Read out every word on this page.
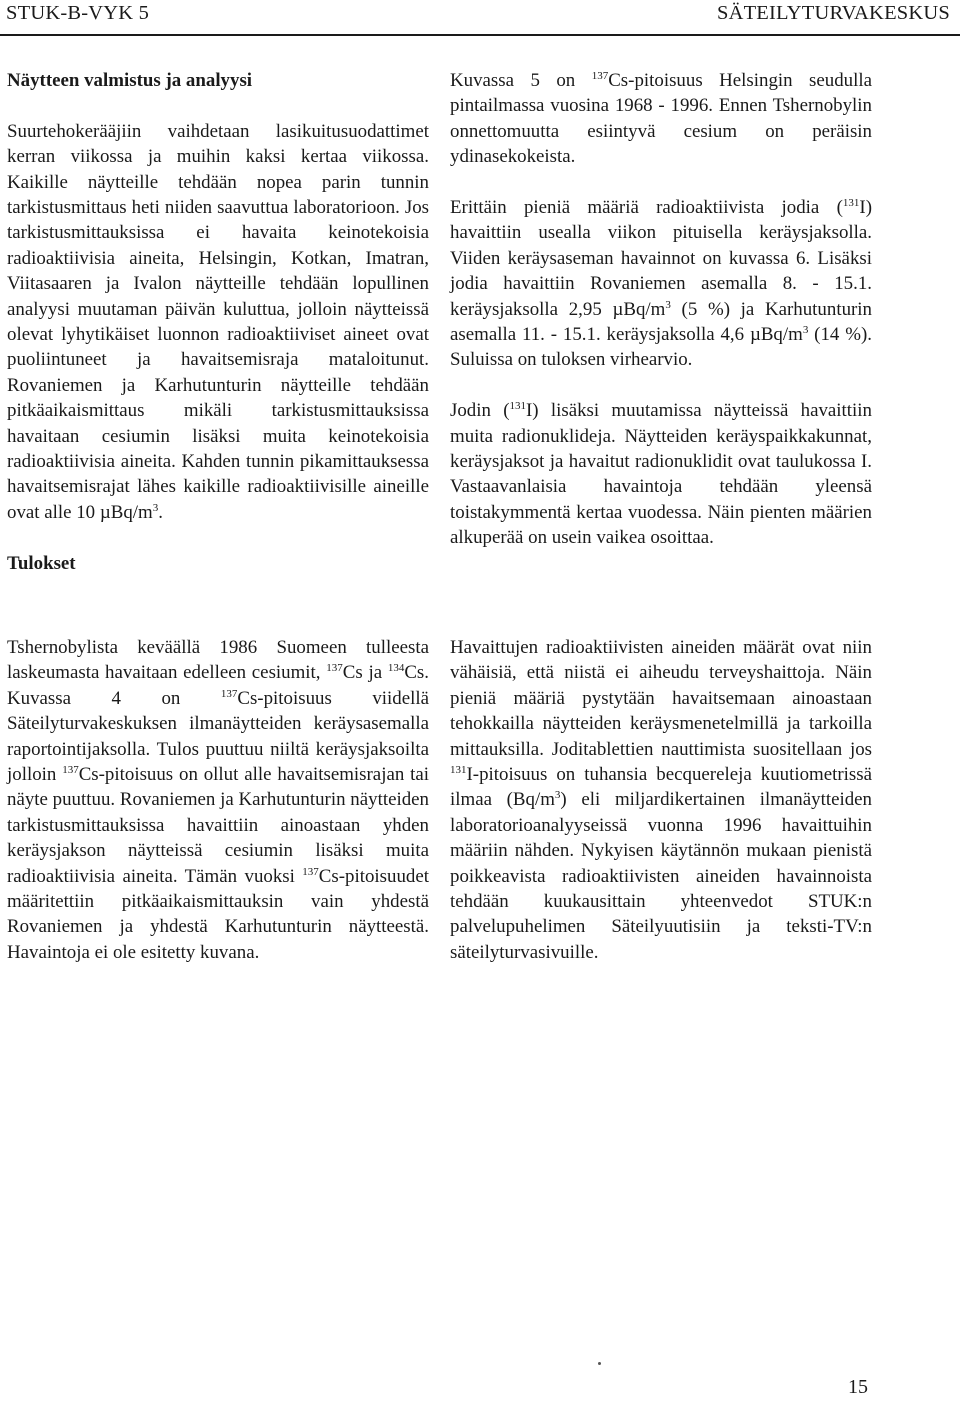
STUK-B-VYK 5	SÄTEILYTURVAKESKUS
Näytteen valmistus ja analyysi

Suurtehokerääjiin vaihdetaan lasikuitusuodattimet kerran viikossa ja muihin kaksi kertaa viikossa. Kaikille näytteille tehdään nopea parin tunnin tarkistusmittaus heti niiden saavuttua laboratorioon. Jos tarkistusmittauksissa ei havaita keinotekoisia radioaktiivisia aineita, Helsingin, Kotkan, Imatran, Viitasaaren ja Ivalon näytteille tehdään lopullinen analyysi muutaman päivän kuluttua, jolloin näytteissä olevat lyhytikäiset luonnon radioaktiiviset aineet ovat puoliintuneet ja havaitsemisraja mataloitunut. Rovaniemen ja Karhutunturin näytteille tehdään pitkäaikaismittaus mikäli tarkistusmittauksissa havaitaan cesiumin lisäksi muita keinotekoisia radioaktiivisia aineita. Kahden tunnin pikamittauksessa havaitsemisrajat lähes kaikille radioaktiivisille aineille ovat alle 10 µBq/$m^3$.

Tulokset

Tshernobylista keväällä 1986 Suomeen tulleesta laskeumasta havaitaan edelleen cesiumit, $^{137}$Cs ja $^{134}$Cs. Kuvassa 4 on $^{137}$Cs-pitoisuus viidellä Säteilyturvakeskuksen ilmanäytteiden keräysasemalla raportointijaksolla. Tulos puuttuu niiltä keräysjaksoilta jolloin $^{137}$Cs-pitoisuus on ollut alle havaitsemisrajan tai näyte puuttuu. Rovaniemen ja Karhutunturin näytteiden tarkistusmittauksissa havaittiin ainoastaan yhden keräysjakson näytteissä cesiumin lisäksi muita radioaktiivisia aineita. Tämän vuoksi $^{137}$Cs-pitoisuudet määritettiin pitkäaikaismittauksin vain yhdestä Rovaniemen ja yhdestä Karhutunturin näytteestä. Havaintoja ei ole esitetty kuvana.

Kuvassa 5 on $^{137}$Cs-pitoisuus Helsingin seudulla pintailmassa vuosina 1968 - 1996. Ennen Tshernobylin onnettomuutta esiintyvä cesium on peräisin ydinasekokeista.

Erittäin pieniä määriä radioaktiivista jodia ($^{131}$I) havaittiin usealla viikon pituisella keräysjaksolla. Viiden keräysaseman havainnot on kuvassa 6. Lisäksi jodia havaittiin Rovaniemen asemalla 8. - 15.1. keräysjaksolla 2,95 µBq/$m^3$ (5 %) ja Karhutunturin asemalla 11. - 15.1. keräysjaksolla 4,6 µBq/$m^3$ (14 %). Suluissa on tuloksen virhearvio.

Jodin ($^{131}$I) lisäksi muutamissa näytteissä havaittiin muita radionuklideja. Näytteiden keräyspaikkakunnat, keräysjaksot ja havaitut radionuklidit ovat taulukossa I. Vastaavanlaisia havaintoja tehdään yleensä toistakymmentä kertaa vuodessa. Näin pienten määrien alkuperää on usein vaikea osoittaa.

Havaittujen radioaktiivisten aineiden määrät ovat niin vähäisiä, että niistä ei aiheudu terveyshaittoja. Näin pieniä määriä pystytään havaitsemaan ainoastaan tehokkailla näytteiden keräysmenetelmillä ja tarkoilla mittauksilla. Joditablettien nauttimista suositellaan jos $^{131}$I-pitoisuus on tuhansia becquereleja kuutiometrissä ilmaa $(Bq/m^3)$ eli miljardikertainen ilmanäytteiden laboratorioanalyyseissä vuonna 1996 havaittuihin määriin nähden. Nykyisen käytännön mukaan pienistä poikkeavista radioaktiivisten aineiden havainnoista tehdään kuukausittain yhteenvedot STUK:n palvelupuhelimen Säteilyuutisiin ja teksti-TV:n säteilyturvasivuille.

15
